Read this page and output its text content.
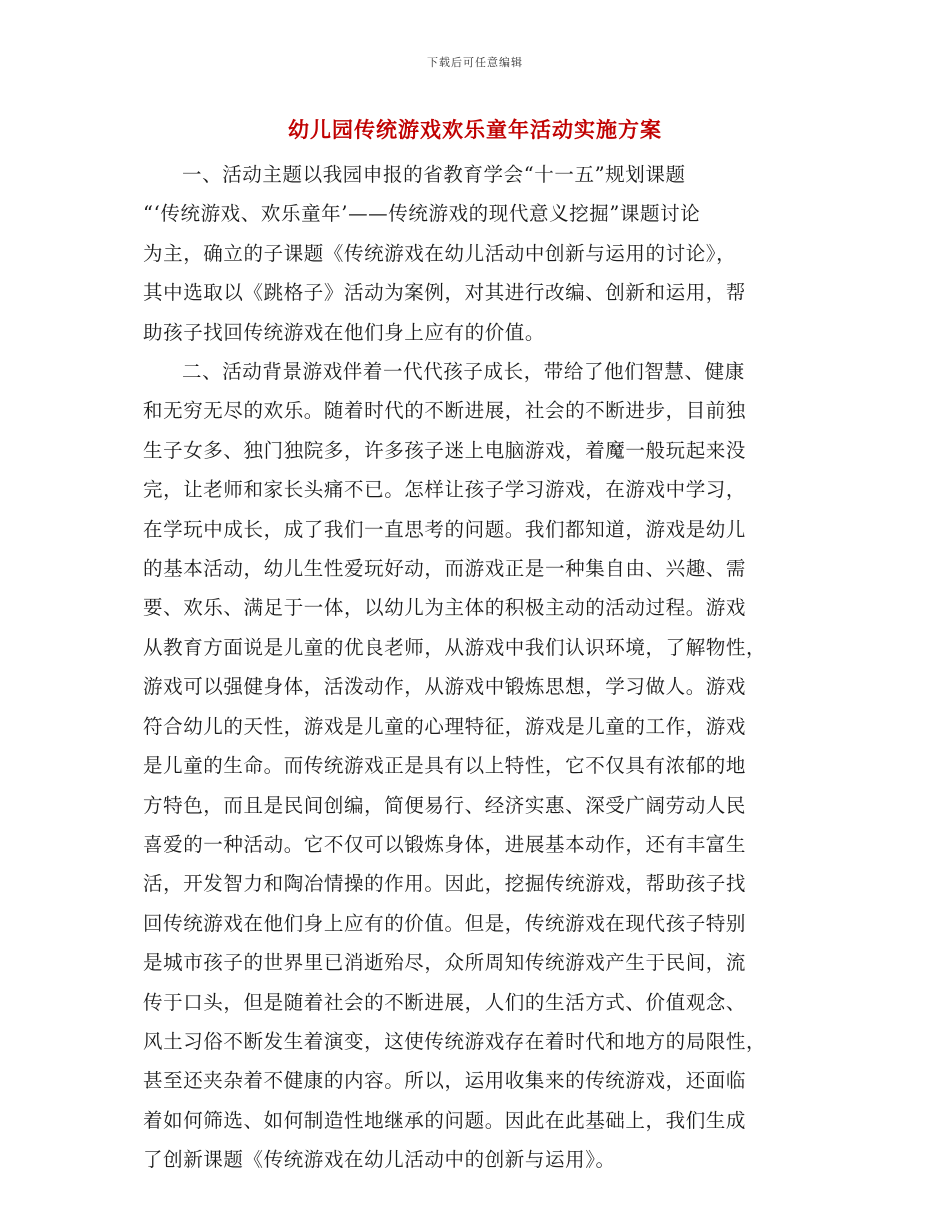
下载后可任意编辑
幼儿园传统游戏欢乐童年活动实施方案

一、活动主题以我园申报的省教育学会“十一五”规划课题
“‘传统游戏、欢乐童年’——传统游戏的现代意义挖掘”课题讨论
为主，确立的子课题《传统游戏在幼儿活动中创新与运用的讨论》，
其中选取以《跳格子》活动为案例，对其进行改编、创新和运用，帮
助孩子找回传统游戏在他们身上应有的价值。

二、活动背景游戏伴着一代代孩子成长，带给了他们智慧、健康
和无穷无尽的欢乐。随着时代的不断进展，社会的不断进步，目前独
生子女多、独门独院多，许多孩子迷上电脑游戏，着魔一般玩起来没
完，让老师和家长头痛不已。怎样让孩子学习游戏，在游戏中学习，
在学玩中成长，成了我们一直思考的问题。我们都知道，游戏是幼儿
的基本活动，幼儿生性爱玩好动，而游戏正是一种集自由、兴趣、需
要、欢乐、满足于一体，以幼儿为主体的积极主动的活动过程。游戏
从教育方面说是儿童的优良老师，从游戏中我们认识环境，了解物性，
游戏可以强健身体，活泼动作，从游戏中锻炼思想，学习做人。游戏
符合幼儿的天性，游戏是儿童的心理特征，游戏是儿童的工作，游戏
是儿童的生命。而传统游戏正是具有以上特性，它不仅具有浓郁的地
方特色，而且是民间创编，简便易行、经济实惠、深受广阔劳动人民
喜爱的一种活动。它不仅可以锻炼身体，进展基本动作，还有丰富生
活，开发智力和陶冶情操的作用。因此，挖掘传统游戏，帮助孩子找
回传统游戏在他们身上应有的价值。但是，传统游戏在现代孩子特别
是城市孩子的世界里已消逝殆尽，众所周知传统游戏产生于民间，流
传于口头，但是随着社会的不断进展，人们的生活方式、价值观念、
风土习俗不断发生着演变，这使传统游戏存在着时代和地方的局限性，
甚至还夹杂着不健康的内容。所以，运用收集来的传统游戏，还面临
着如何筛选、如何制造性地继承的问题。因此在此基础上，我们生成
了创新课题《传统游戏在幼儿活动中的创新与运用》。
